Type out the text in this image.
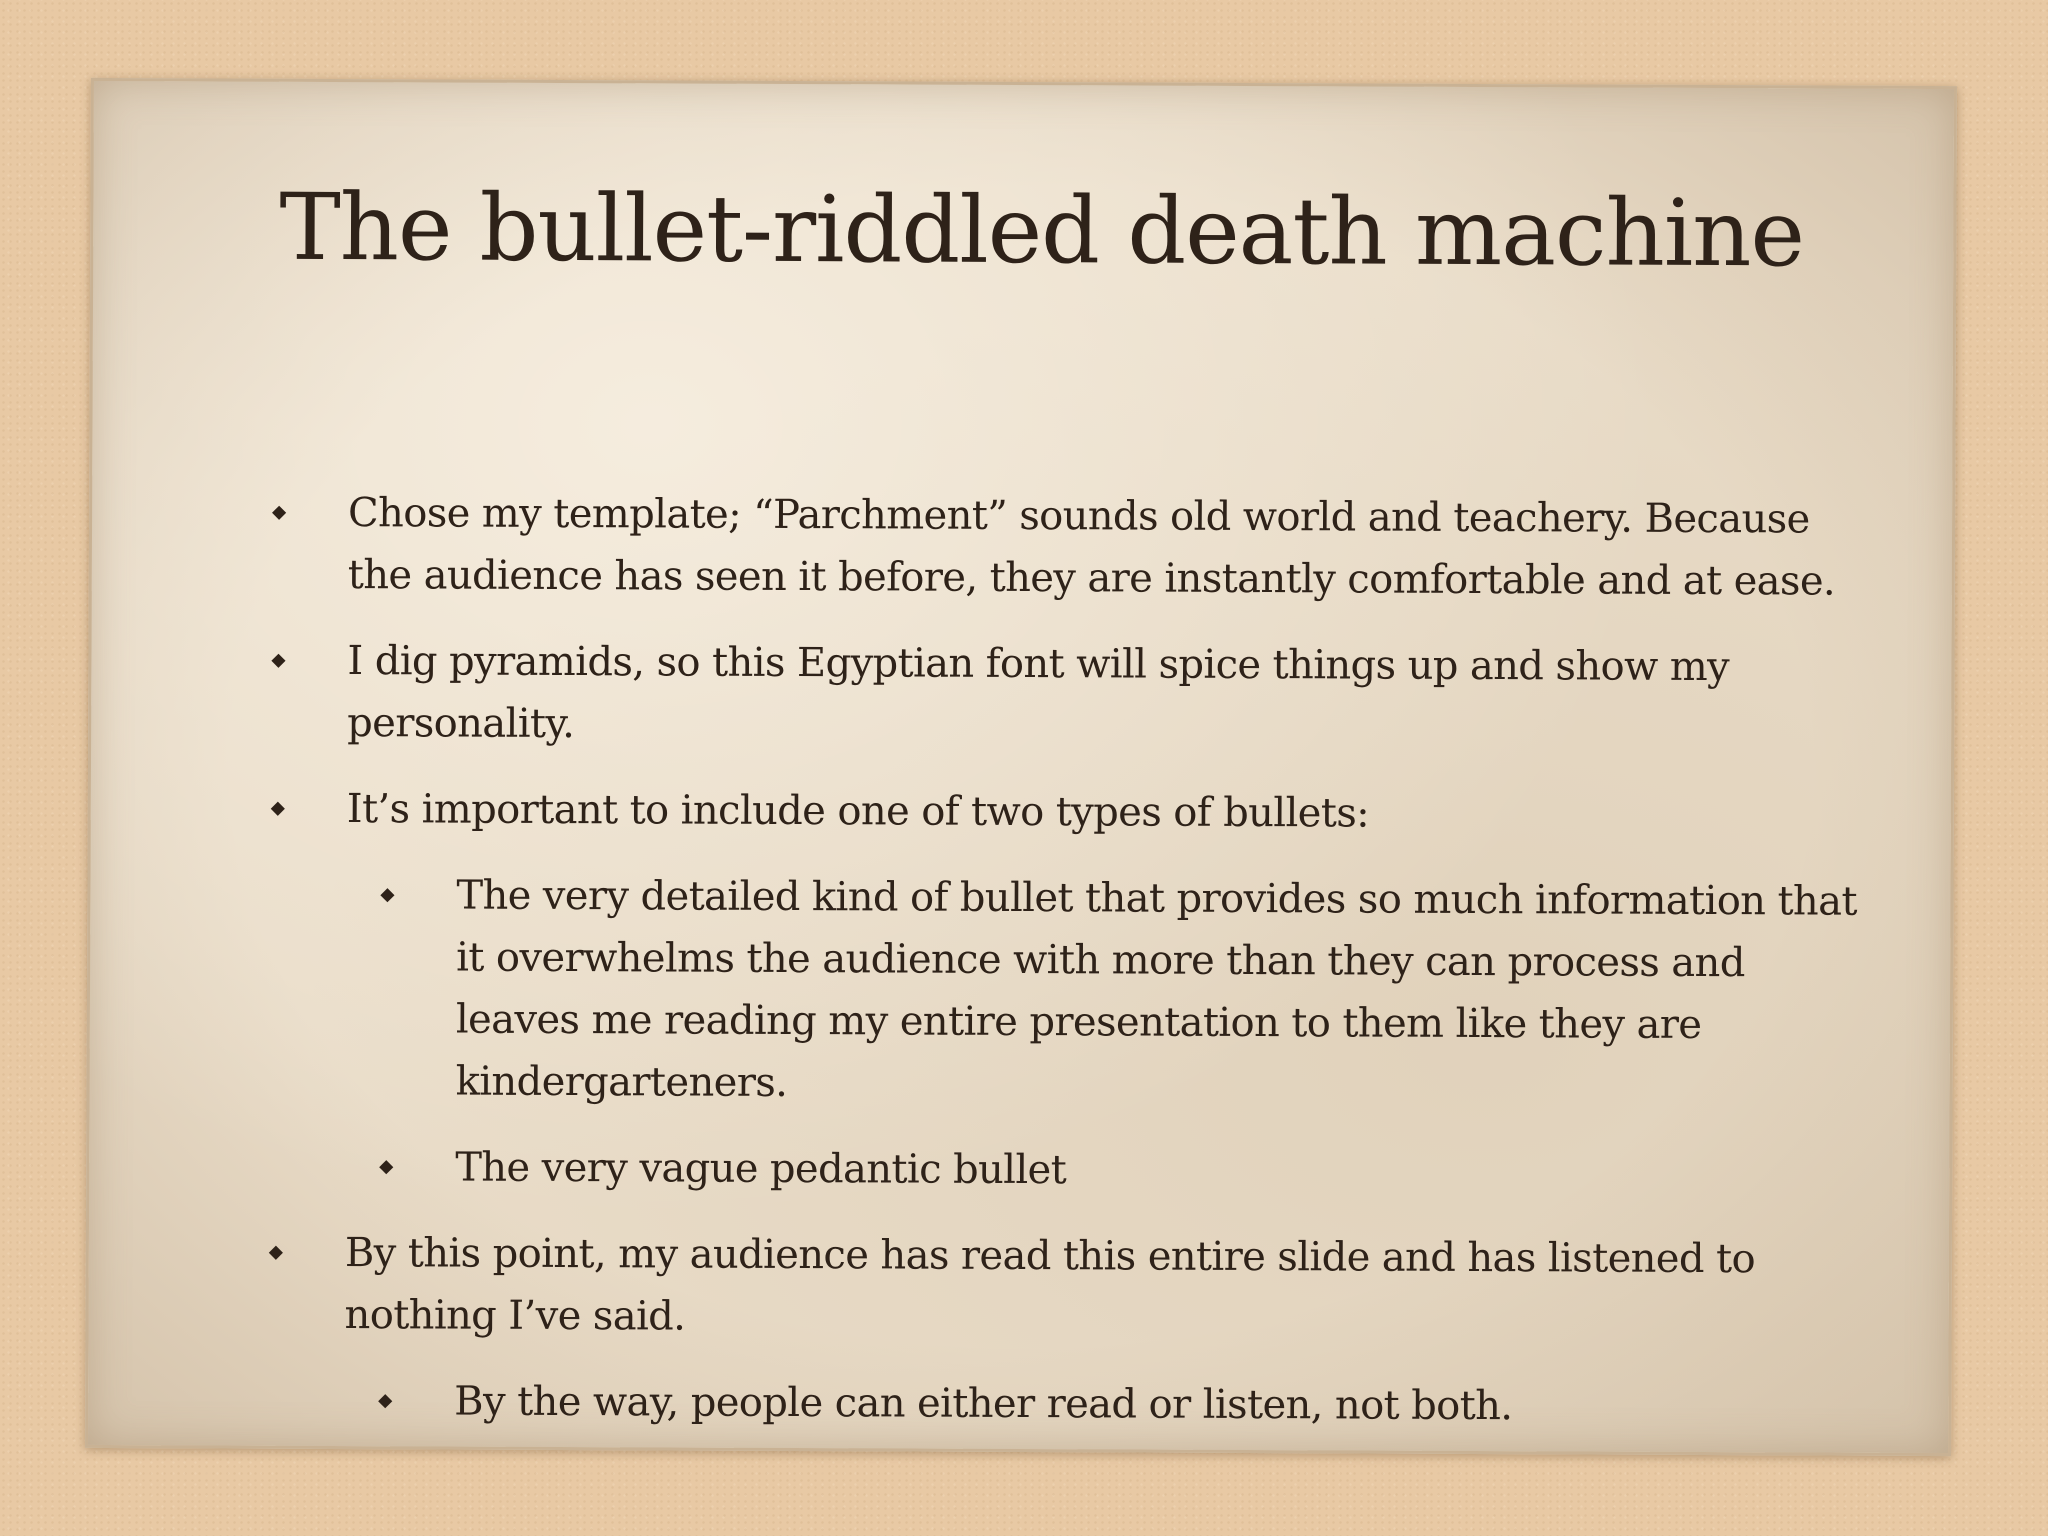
The bullet-riddled death machine
Chose my template; “Parchment” sounds old world and teachery. Because the audience has seen it before, they are instantly comfortable and at ease.
I dig pyramids, so this Egyptian font will spice things up and show my personality.
It’s important to include one of two types of bullets:
The very detailed kind of bullet that provides so much information that it overwhelms the audience with more than they can process and leaves me reading my entire presentation to them like they are kindergarteners.
The very vague pedantic bullet
By this point, my audience has read this entire slide and has listened to nothing I’ve said.
By the way, people can either read or listen, not both.
